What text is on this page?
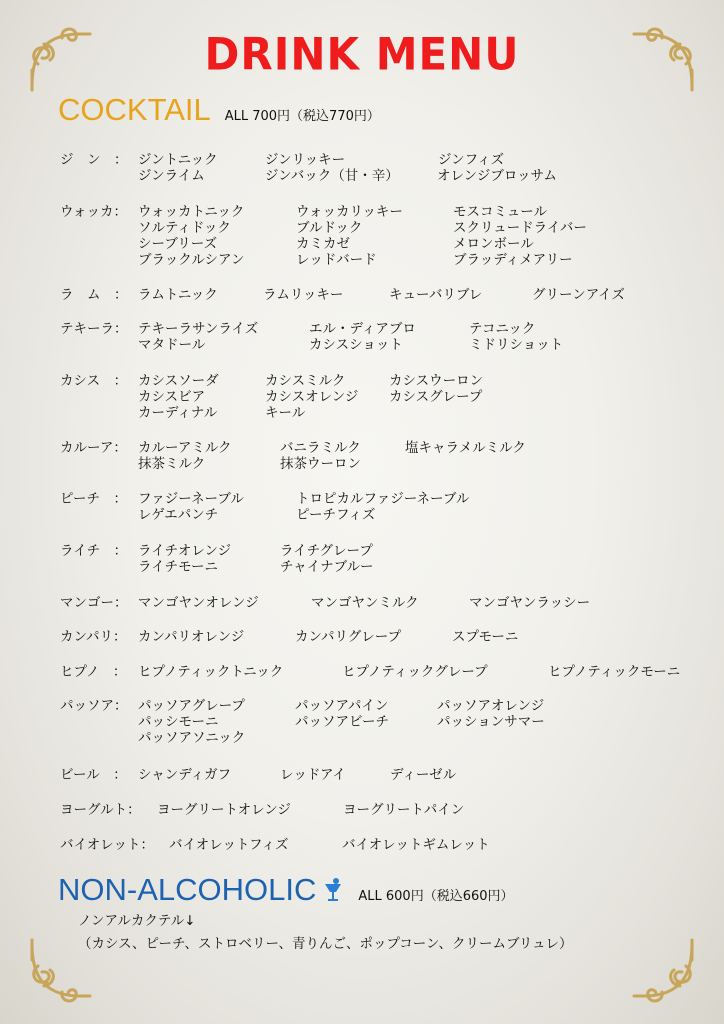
DRINK MENU
COCKTAIL ALL 700円（税込770円）
ジ　ン　： ジントニック	ジンリッキー	ジンフィズ
ジンライム	ジンバック（甘・辛）	オレンジブロッサム
ウォッカ： ウォッカトニック	ウォッカリッキー	モスコミュール
ソルティドック	ブルドック	スクリュードライバー
シーブリーズ	カミカゼ	メロンボール
ブラックルシアン	レッドバード	ブラッディメアリー
ラ　ム　： ラムトニック	ラムリッキー	キューバリブレ	グリーンアイズ
テキーラ： テキーラサンライズ	エル・ディアブロ	テコニック
マタドール	カシスショット	ミドリショット
カシス　： カシスソーダ	カシスミルク	カシスウーロン
カシスビア	カシスオレンジ カシスグレープ
カーディナル	キール
カルーア： カルーアミルク	バニラミルク	塩キャラメルミルク
抹茶ミルク	抹茶ウーロン
ピーチ　： ファジーネーブル	トロピカルファジーネーブル
レゲエパンチ	ピーチフィズ
ライチ　： ライチオレンジ	ライチグレープ
ライチモーニ	チャイナブルー
マンゴー： マンゴヤンオレンジ	マンゴヤンミルク	マンゴヤンラッシー
カンパリ： カンパリオレンジ	カンパリグレープ	スプモーニ
ヒプノ　： ヒプノティックトニック	ヒプノティックグレープ	ヒプノティックモーニ
パッソア： パッソアグレープ	パッソアパイン	パッソアオレンジ
パッシモーニ	パッソアビーチ	パッションサマー
パッソアソニック
ビール　： シャンディガフ	レッドアイ	ディーゼル
ヨーグルト： ヨーグリートオレンジ	ヨーグリートパイン
バイオレット： バイオレットフィズ	バイオレットギムレット
NON-ALCOHOLIC	ALL 600円（税込660円）
ノンアルカクテル↓
（カシス、ピーチ、ストロベリー、青りんご、ポップコーン、クリームブリュレ）
